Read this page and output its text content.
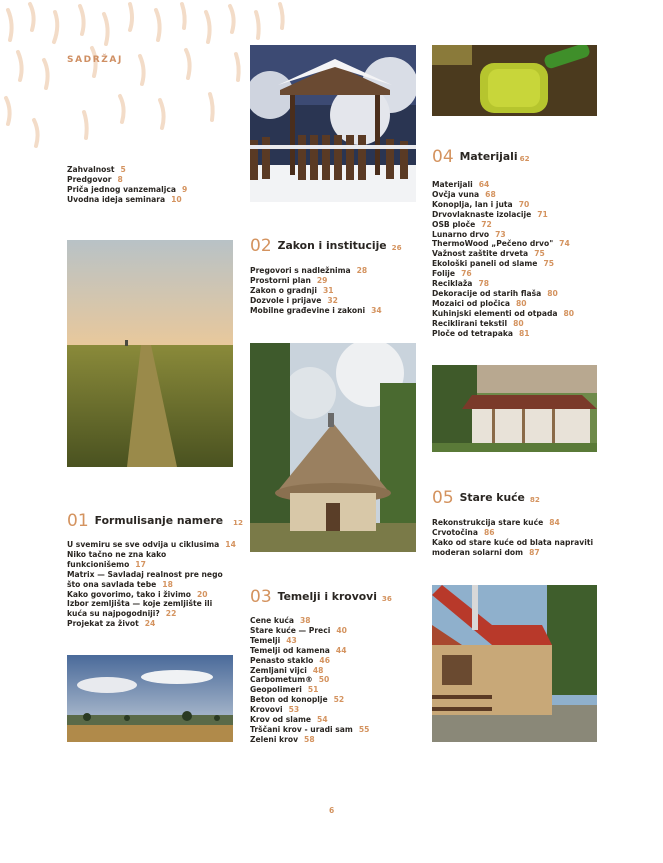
SADRŽAJ
Zahvalnost 5
Predgovor 8
Priča jednog vanzemaljca 9
Uvodna ideja seminara 10
04 Materijali 62
Materijali 64
Ovčja vuna 68
Konoplja, lan i juta 70
Drvovlaknaste izolacije 71
OSB ploče 72
Lunarno drvo 73
ThermoWood „Pečeno drvo" 74
Važnost zaštite drveta 75
Ekološki paneli od slame 75
Folije 76
Reciklaža 78
Dekoracije od starih flaša 80
Mozaici od pločica 80
Kuhinjski elementi od otpada 80
Reciklirani tekstil 80
Ploče od tetrapaka 81
02 Zakon i institucije 26
Pregovori s nadležnima 28
Prostorni plan 29
Zakon o gradnji 31
Dozvole i prijave 32
Mobilne građevine i zakoni 34
05 Stare kuće 82
Rekonstrukcija stare kuće 84
Crvotočina 86
Kako od stare kuće od blata napraviti moderan solarni dom 87
01 Formulisanje namere 12
U svemiru se sve odvija u ciklusima 14
Niko tačno ne zna kako funkcionišemo 17
Matrix — Savladaj realnost pre nego što ona savlada tebe 18
Kako govorimo, tako i živimo 20
Izbor zemljišta — koje zemljište ili kuća su najpogodniji? 22
Projekat za život 24
03 Temelji i krovovi 36
Cene kuća 38
Stare kuće — Preci 40
Temelji 43
Temelji od kamena 44
Penasto staklo 46
Zemljani vijci 48
Carbometum® 50
Geopolimeri 51
Beton od konoplje 52
Krovovi 53
Krov od slame 54
Trščani krov - uradi sam 55
Zeleni krov 58
6
